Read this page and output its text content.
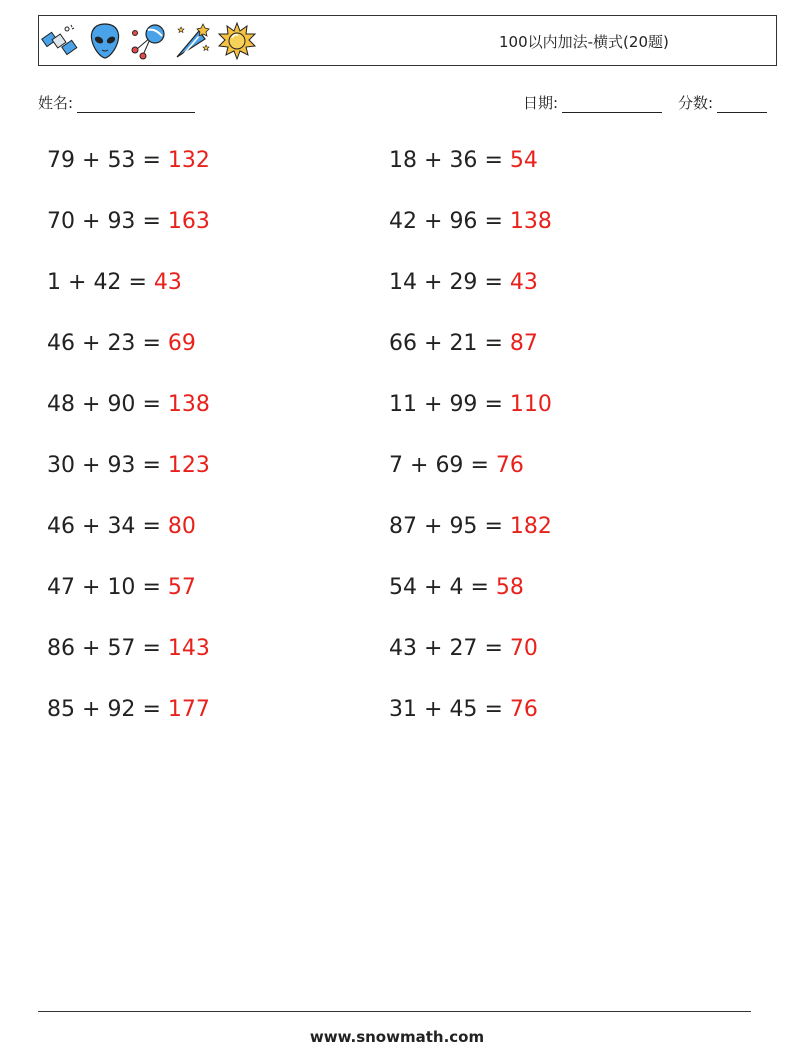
100以内加法-横式(20题)
姓名:	日期:	分数:
79 + 53 = 132
70 + 93 = 163
1 + 42 = 43
46 + 23 = 69
48 + 90 = 138
30 + 93 = 123
46 + 34 = 80
47 + 10 = 57
86 + 57 = 143
85 + 92 = 177
18 + 36 = 54
42 + 96 = 138
14 + 29 = 43
66 + 21 = 87
11 + 99 = 110
7 + 69 = 76
87 + 95 = 182
54 + 4 = 58
43 + 27 = 70
31 + 45 = 76
www.snowmath.com
